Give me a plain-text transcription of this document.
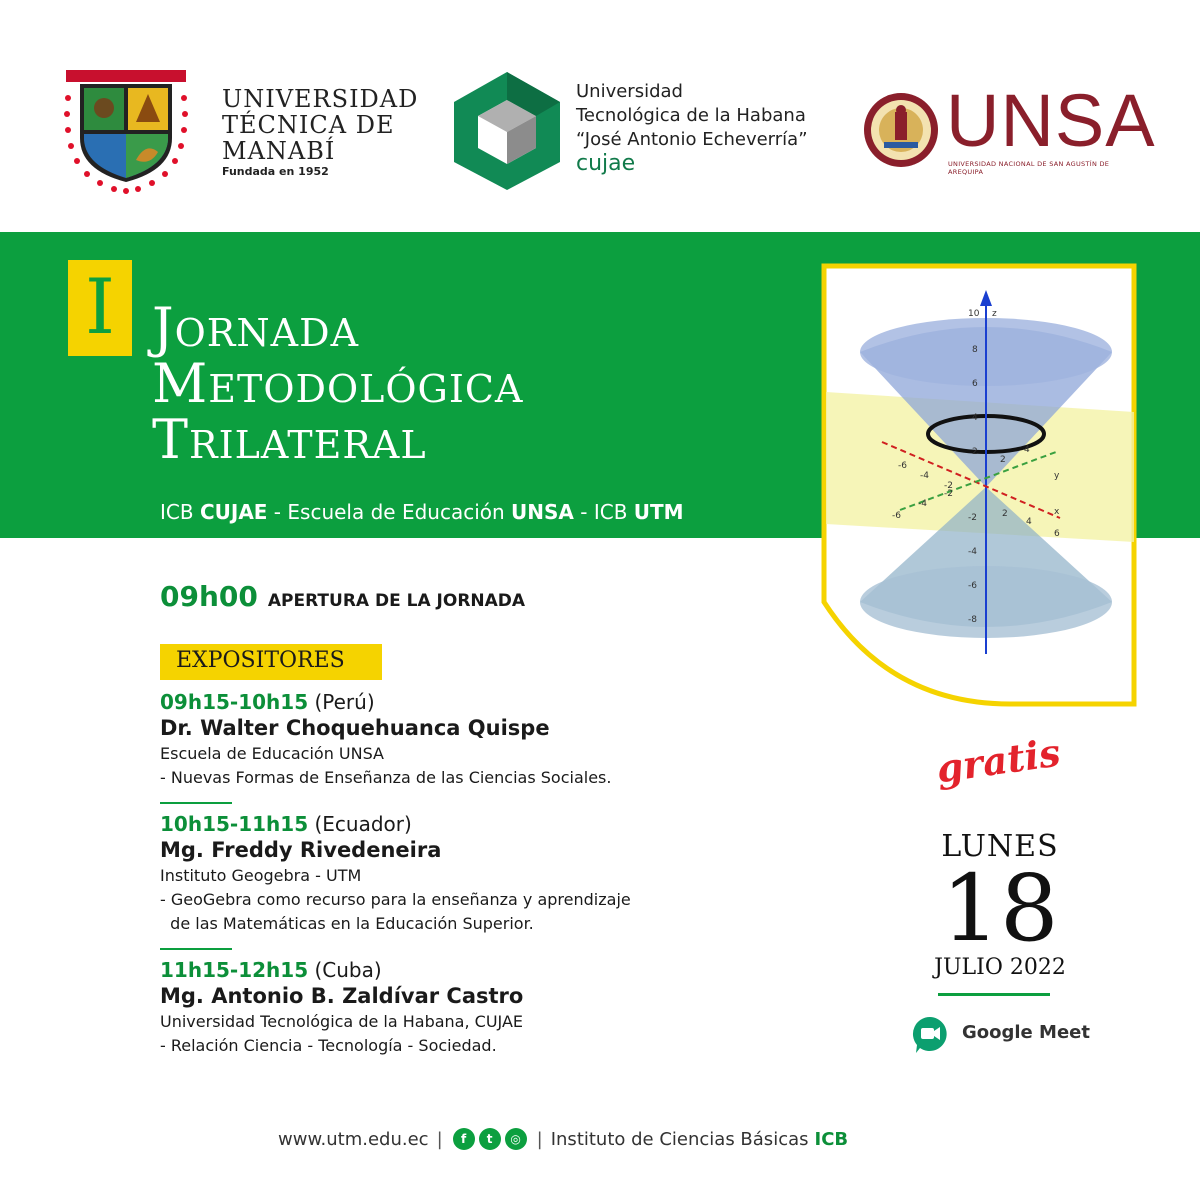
UNIVERSIDAD
TÉCNICA DE
MANABÍ
Fundada en 1952
Universidad
Tecnológica de la Habana
“José Antonio Echeverría”
cujae
UNSA
UNIVERSIDAD NACIONAL DE SAN AGUSTÍN DE AREQUIPA
I Jornada
Metodológica
Trilateral
ICB CUJAE - Escuela de Educación UNSA - ICB UTM
z
y
x
10
8
6
4
2
-2
-4
-6
-8
-6
-4
-2
2
4
6
-4
-2
2
4
-6
09h00 APERTURA DE LA JORNADA
EXPOSITORES
09h15-10h15 (Perú)
Dr. Walter Choquehuanca Quispe
Escuela de Educación UNSA
- Nuevas Formas de Enseñanza de las Ciencias Sociales.
10h15-11h15 (Ecuador)
Mg. Freddy Rivedeneira
Instituto Geogebra - UTM
- GeoGebra como recurso para la enseñanza y aprendizaje
de las Matemáticas en la Educación Superior.
11h15-12h15 (Cuba)
Mg. Antonio B. Zaldívar Castro
Universidad Tecnológica de la Habana, CUJAE
- Relación Ciencia - Tecnología - Sociedad.
gratis
LUNES
18
JULIO 2022
Google Meet
www.utm.edu.ec |	f	t	◎ | Instituto de Ciencias Básicas ICB
